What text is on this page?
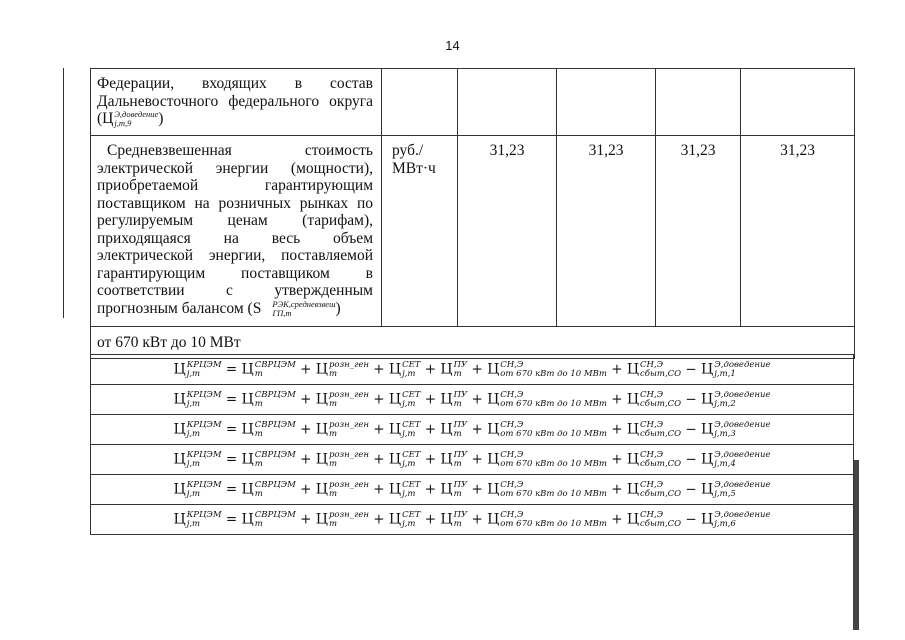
14
Федерации, входящих в состав Дальневосточного федерального округа (Ц Э,доведение
j,m,9 )					

Средневзвешенная стоимость электрической энергии (мощности), приобретаемой гарантирующим поставщиком на розничных рынках по регулируемым ценам (тарифам), приходящаяся на весь объем электрической энергии, поставляемой гарантирующим поставщиком в соответствии с утвержденным прогнозным балансом (S РЭК,средневзвеш
ГП,m )	руб./ МВт·ч	31,23	31,23	31,23	31,23
от 670 кВт до 10 МВт					
Ц КРЦЭМ
j,m	= Ц СВРЦЭМ
m	+ Ц розн_ген
m	+ Ц СЕТ
j,m + Ц ПУ
m + Ц СН,Э
от 670 кВт до 10 МВт + Ц СН,Э
сбыт,СО − Ц Э,доведение
j,m,1

Ц КРЦЭМ
j,m	= Ц СВРЦЭМ
m	+ Ц розн_ген
m	+ Ц СЕТ
j,m + Ц ПУ
m + Ц СН,Э
от 670 кВт до 10 МВт + Ц СН,Э
сбыт,СО − Ц Э,доведение
j,m,2

Ц КРЦЭМ
j,m	= Ц СВРЦЭМ
m	+ Ц розн_ген
m	+ Ц СЕТ
j,m + Ц ПУ
m + Ц СН,Э
от 670 кВт до 10 МВт + Ц СН,Э
сбыт,СО − Ц Э,доведение
j,m,3

Ц КРЦЭМ
j,m	= Ц СВРЦЭМ
m	+ Ц розн_ген
m	+ Ц СЕТ
j,m + Ц ПУ
m + Ц СН,Э
от 670 кВт до 10 МВт + Ц СН,Э
сбыт,СО − Ц Э,доведение
j,m,4

Ц КРЦЭМ
j,m	= Ц СВРЦЭМ
m	+ Ц розн_ген
m	+ Ц СЕТ
j,m + Ц ПУ
m + Ц СН,Э
от 670 кВт до 10 МВт + Ц СН,Э
сбыт,СО − Ц Э,доведение
j,m,5

Ц КРЦЭМ
j,m	= Ц СВРЦЭМ
m	+ Ц розн_ген
m	+ Ц СЕТ
j,m + Ц ПУ
m + Ц СН,Э
от 670 кВт до 10 МВт + Ц СН,Э
сбыт,СО − Ц Э,доведение
j,m,6
